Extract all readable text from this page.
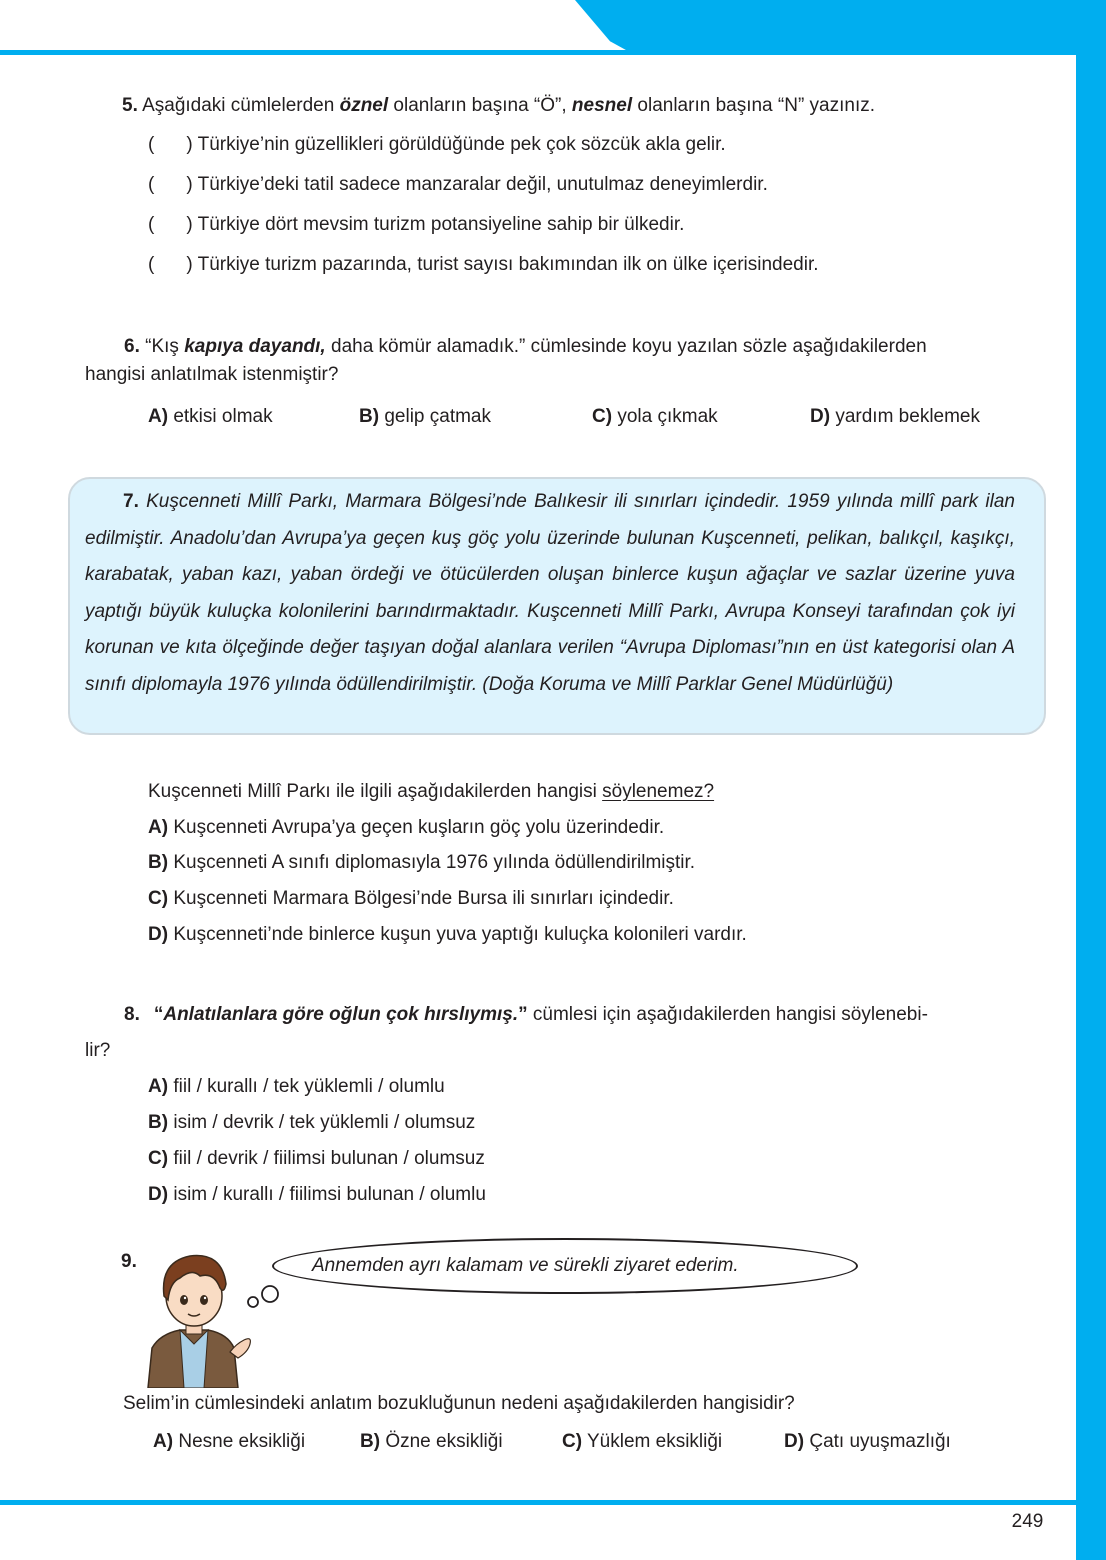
249
5. Aşağıdaki cümlelerden öznel olanların başına “Ö”, nesnel olanların başına “N” yazınız.
( ) Türkiye’nin güzellikleri görüldüğünde pek çok sözcük akla gelir.
( ) Türkiye’deki tatil sadece manzaralar değil, unutulmaz deneyimlerdir.
( ) Türkiye dört mevsim turizm potansiyeline sahip bir ülkedir.
( ) Türkiye turizm pazarında, turist sayısı bakımından ilk on ülke içerisindedir.
6. “Kış kapıya dayandı, daha kömür alamadık.” cümlesinde koyu yazılan sözle aşağıdakilerden
hangisi anlatılmak istenmiştir?
A) etkisi olmak	B) gelip çatmak	C) yola çıkmak	D) yardım beklemek

7. Kuşcenneti Millî Parkı, Marmara Bölgesi’nde Balıkesir ili sınırları içindedir. 1959 yılında millî park ilan edilmiştir. Anadolu’dan Avrupa’ya geçen kuş göç yolu üzerinde bulunan Kuşcenneti, pelikan, balıkçıl, kaşıkçı, karabatak, yaban kazı, yaban ördeği ve ötücülerden oluşan binlerce kuşun ağaçlar ve sazlar üzerine yuva yaptığı büyük kuluçka kolonilerini barındırmaktadır. Kuşcenneti Millî Parkı, Avrupa Konseyi tarafından çok iyi korunan ve kıta ölçeğinde değer taşıyan doğal alanlara verilen “Avrupa Diploması”nın en üst kategorisi olan A sınıfı diplomayla 1976 yılında ödüllendirilmiştir. (Doğa Koruma ve Millî Parklar Genel Müdürlüğü)

Kuşcenneti Millî Parkı ile ilgili aşağıdakilerden hangisi söylenemez?
A) Kuşcenneti Avrupa’ya geçen kuşların göç yolu üzerindedir.
B) Kuşcenneti A sınıfı diplomasıyla 1976 yılında ödüllendirilmiştir.
C) Kuşcenneti Marmara Bölgesi’nde Bursa ili sınırları içindedir.
D) Kuşcenneti’nde binlerce kuşun yuva yaptığı kuluçka kolonileri vardır.
8. “Anlatılanlara göre oğlun çok hırslıymış.” cümlesi için aşağıdakilerden hangisi söylenebi-
lir?
A) fiil / kurallı / tek yüklemli / olumlu
B) isim / devrik / tek yüklemli / olumsuz
C) fiil / devrik / fiilimsi bulunan / olumsuz
D) isim / kurallı / fiilimsi bulunan / olumlu
9.	Annemden ayrı kalamam ve sürekli ziyaret ederim.
Selim’in cümlesindeki anlatım bozukluğunun nedeni aşağıdakilerden hangisidir?
A) Nesne eksikliği	B) Özne eksikliği	C) Yüklem eksikliği	D) Çatı uyuşmazlığı
